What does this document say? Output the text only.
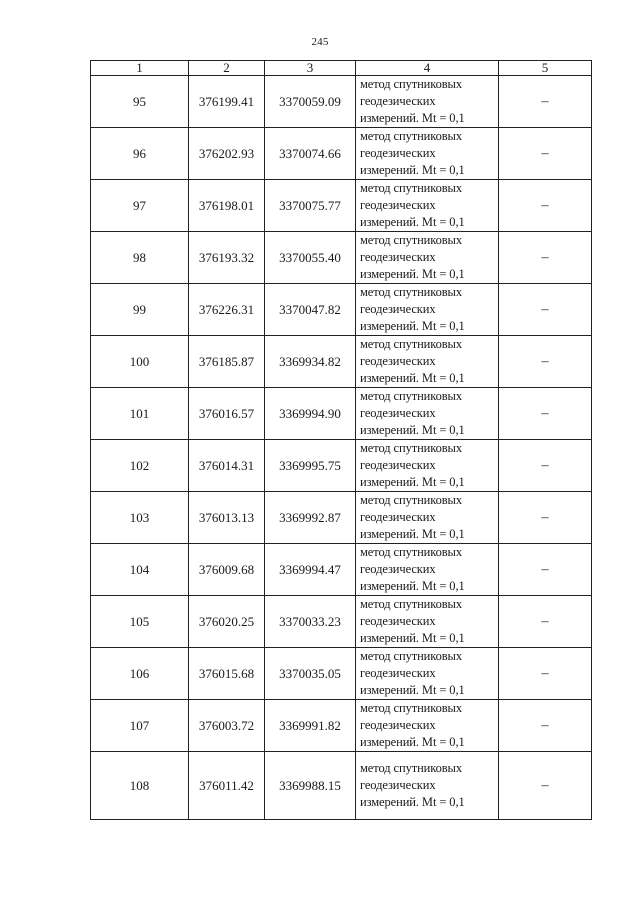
245
1	2	3	4	5
95	376199.41	3370059.09	метод спутниковых
геодезических
измерений. Mt = 0,1	–
96	376202.93	3370074.66	метод спутниковых
геодезических
измерений. Mt = 0,1	–
97	376198.01	3370075.77	метод спутниковых
геодезических
измерений. Mt = 0,1	–
98	376193.32	3370055.40	метод спутниковых
геодезических
измерений. Mt = 0,1	–
99	376226.31	3370047.82	метод спутниковых
геодезических
измерений. Mt = 0,1	–
100	376185.87	3369934.82	метод спутниковых
геодезических
измерений. Mt = 0,1	–
101	376016.57	3369994.90	метод спутниковых
геодезических
измерений. Mt = 0,1	–
102	376014.31	3369995.75	метод спутниковых
геодезических
измерений. Mt = 0,1	–
103	376013.13	3369992.87	метод спутниковых
геодезических
измерений. Mt = 0,1	–
104	376009.68	3369994.47	метод спутниковых
геодезических
измерений. Mt = 0,1	–
105	376020.25	3370033.23	метод спутниковых
геодезических
измерений. Mt = 0,1	–
106	376015.68	3370035.05	метод спутниковых
геодезических
измерений. Mt = 0,1	–
107	376003.72	3369991.82	метод спутниковых
геодезических
измерений. Mt = 0,1	–
108	376011.42	3369988.15	метод спутниковых
геодезических
измерений. Mt = 0,1	–
